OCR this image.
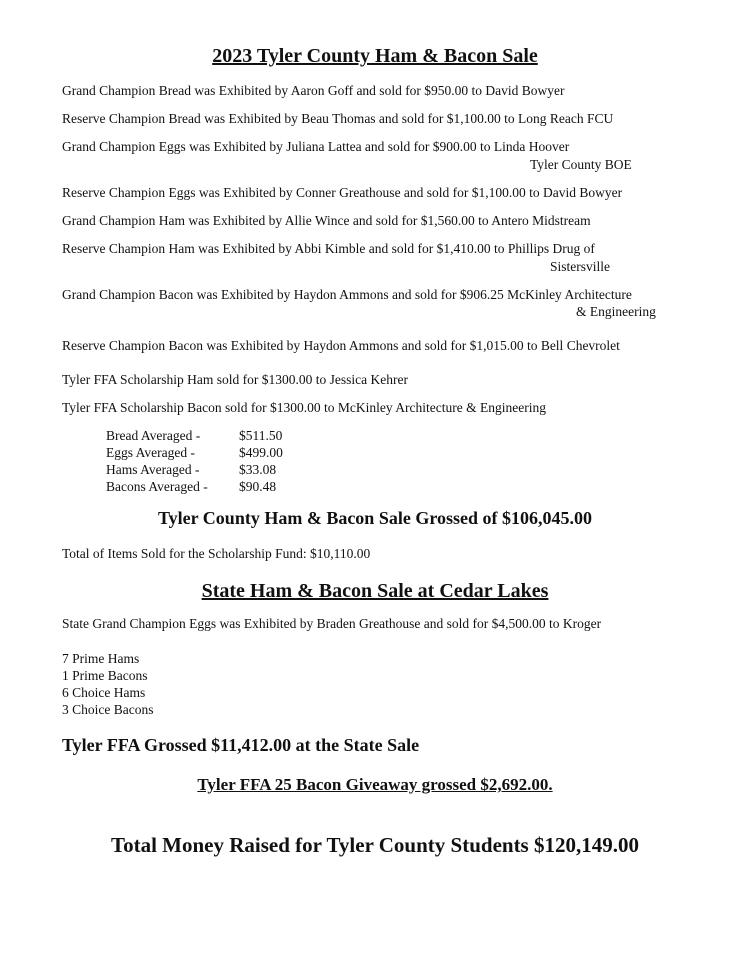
2023 Tyler County Ham & Bacon Sale
Grand Champion Bread was Exhibited by Aaron Goff and sold for $950.00 to David Bowyer
Reserve Champion Bread was Exhibited by Beau Thomas and sold for $1,100.00 to Long Reach FCU
Grand Champion Eggs was Exhibited by Juliana Lattea and sold for $900.00 to Linda Hoover
Tyler County BOE
Reserve Champion Eggs was Exhibited by Conner Greathouse and sold for $1,100.00 to David Bowyer
Grand Champion Ham was Exhibited by Allie Wince and sold for $1,560.00 to Antero Midstream
Reserve Champion Ham was Exhibited by Abbi Kimble and sold for $1,410.00 to Phillips Drug of
Sistersville
Grand Champion Bacon was Exhibited by Haydon Ammons and sold for $906.25 McKinley Architecture
& Engineering
Reserve Champion Bacon was Exhibited by Haydon Ammons and sold for $1,015.00 to Bell Chevrolet
Tyler FFA Scholarship Ham sold for $1300.00 to Jessica Kehrer
Tyler FFA Scholarship Bacon sold for $1300.00 to McKinley Architecture & Engineering
Bread Averaged -	$511.50
Eggs Averaged -	$499.00
Hams Averaged -	$33.08
Bacons Averaged - $90.48
Tyler County Ham & Bacon Sale Grossed of $106,045.00
Total of Items Sold for the Scholarship Fund: $10,110.00
State Ham & Bacon Sale at Cedar Lakes
State Grand Champion Eggs was Exhibited by Braden Greathouse and sold for $4,500.00 to Kroger
7 Prime Hams
1 Prime Bacons
6 Choice Hams
3 Choice Bacons
Tyler FFA Grossed $11,412.00 at the State Sale
Tyler FFA 25 Bacon Giveaway grossed $2,692.00.
Total Money Raised for Tyler County Students $120,149.00
